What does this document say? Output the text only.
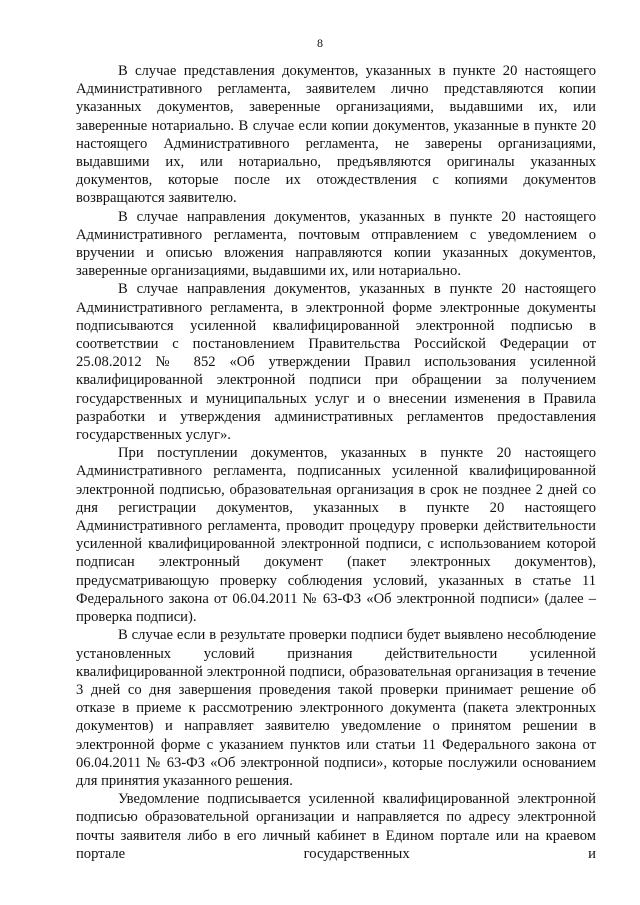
8

В случае представления документов, указанных в пункте 20 настоящего Административного регламента, заявителем лично представляются копии указанных документов, заверенные организациями, выдавшими их, или заверенные нотариально. В случае если копии документов, указанные в пункте 20 настоящего Административного регламента, не заверены организациями, выдавшими их, или нотариально, предъявляются оригиналы указанных документов, которые после их отождествления с копиями документов возвращаются заявителю.

В случае направления документов, указанных в пункте 20 настоящего Административного регламента, почтовым отправлением с уведомлением о вручении и описью вложения направляются копии указанных документов, заверенные организациями, выдавшими их, или нотариально.

В случае направления документов, указанных в пункте 20 настоящего Административного регламента, в электронной форме электронные документы подписываются усиленной квалифицированной электронной подписью в соответствии с постановлением Правительства Российской Федерации от 25.08.2012 № 852 «Об утверждении Правил использования усиленной квалифицированной электронной подписи при обращении за получением государственных и муниципальных услуг и о внесении изменения в Правила разработки и утверждения административных регламентов предоставления государственных услуг».

При поступлении документов, указанных в пункте 20 настоящего Административного регламента, подписанных усиленной квалифицированной электронной подписью, образовательная организация в срок не позднее 2 дней со дня регистрации документов, указанных в пункте 20 настоящего Административного регламента, проводит процедуру проверки действительности усиленной квалифицированной электронной подписи, с использованием которой подписан электронный документ (пакет электронных документов), предусматривающую проверку соблюдения условий, указанных в статье 11 Федерального закона от 06.04.2011 № 63-ФЗ «Об электронной подписи» (далее – проверка подписи).

В случае если в результате проверки подписи будет выявлено несоблюдение установленных условий признания действительности усиленной квалифицированной электронной подписи, образовательная организация в течение 3 дней со дня завершения проведения такой проверки принимает решение об отказе в приеме к рассмотрению электронного документа (пакета электронных документов) и направляет заявителю уведомление о принятом решении в электронной форме с указанием пунктов или статьи 11 Федерального закона от 06.04.2011 № 63-ФЗ «Об электронной подписи», которые послужили основанием для принятия указанного решения.

Уведомление подписывается усиленной квалифицированной электронной подписью образовательной организации и направляется по адресу электронной почты заявителя либо в его личный кабинет в Едином портале или на краевом портале государственных и
